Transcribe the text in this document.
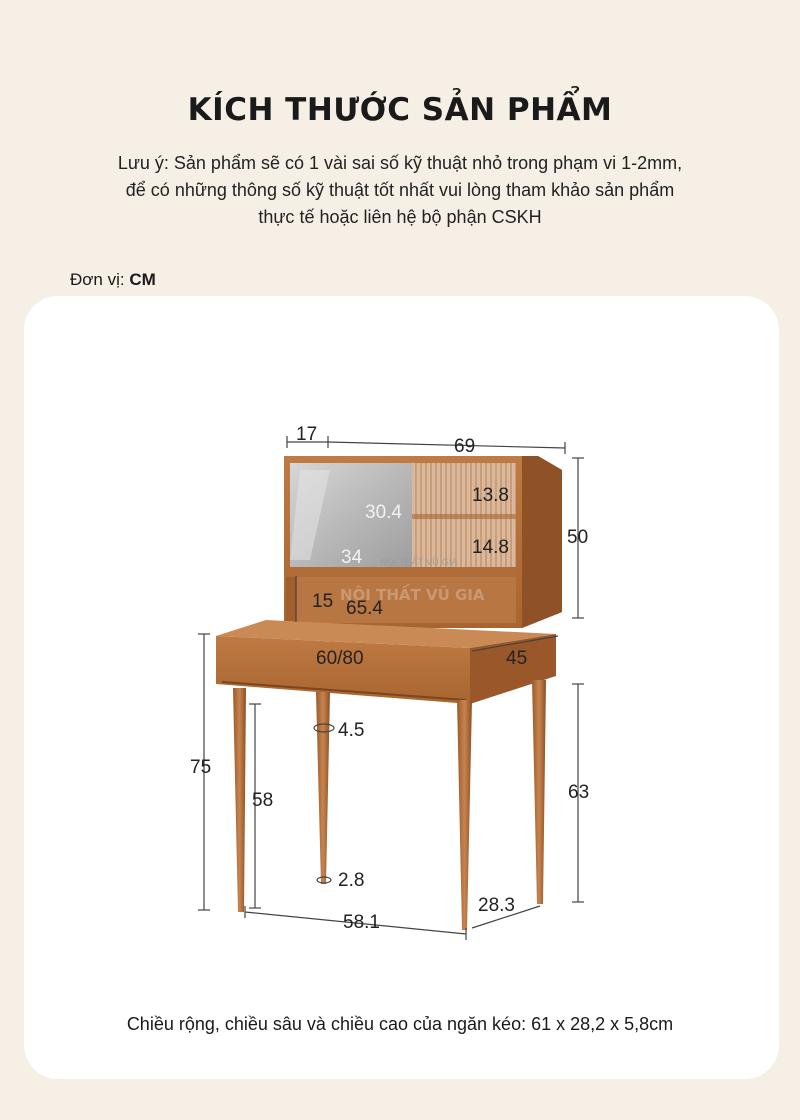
KÍCH THƯỚC SẢN PHẨM
Lưu ý: Sản phẩm sẽ có 1 vài sai số kỹ thuật nhỏ trong phạm vi 1-2mm,
để có những thông số kỹ thuật tốt nhất vui lòng tham khảo sản phẩm
thực tế hoặc liên hệ bộ phận CSKH
Đơn vị: CM
NỘI THẤT VŨ GIA
NỘI THẤT VŨ GIA
17
69
50
30.4
34
13.8
14.8
15 65.4
60/80	45
4.5
2.8
75
58	63
58.1
28.3
Chiều rộng, chiều sâu và chiều cao của ngăn kéo: 61 x 28,2 x 5,8cm
